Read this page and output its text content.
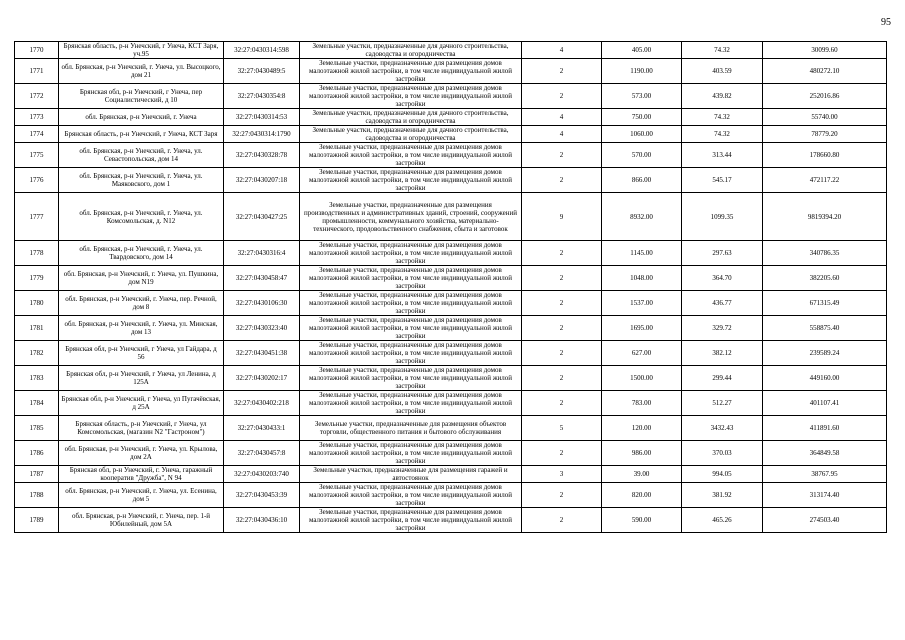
95
1770	Брянская область, р-н Унечский, г Унеча, КСТ Заря, уч.95	32:27:0430314:598	Земельные участки, предназначенные для дачного строительства, садоводства и огородничества	4	405.00	74.32	30099.60
1771	обл. Брянская, р-н Унечский, г. Унеча, ул. Высоцкого, дом 21	32:27:0430489:5	Земельные участки, предназначенные для размещения домов малоэтажной жилой застройки, в том числе индивидуальной жилой застройки	2	1190.00	403.59	480272.10
1772	Брянская обл, р-н Унечский, г Унеча, пер Социалистический, д 10	32:27:0430354:8	Земельные участки, предназначенные для размещения домов малоэтажной жилой застройки, в том числе индивидуальной жилой застройки	2	573.00	439.82	252016.86
1773	обл. Брянская, р-н Унечский, г. Унеча	32:27:0430314:53	Земельные участки, предназначенные для дачного строительства, садоводства и огородничества	4	750.00	74.32	55740.00
1774	Брянская область, р-н Унечский, г Унеча, КСТ Заря	32:27:0430314:1790	Земельные участки, предназначенные для дачного строительства, садоводства и огородничества	4	1060.00	74.32	78779.20
1775	обл. Брянская, р-н Унечский, г. Унеча, ул. Севастопольская, дом 14	32:27:0430328:78	Земельные участки, предназначенные для размещения домов малоэтажной жилой застройки, в том числе индивидуальной жилой застройки	2	570.00	313.44	178660.80
1776	обл. Брянская, р-н Унечский, г. Унеча, ул. Маяковского, дом 1	32:27:0430207:18	Земельные участки, предназначенные для размещения домов малоэтажной жилой застройки, в том числе индивидуальной жилой застройки	2	866.00	545.17	472117.22
1777	обл. Брянская, р-н Унечский, г. Унеча, ул. Комсомольская, д. N12	32:27:0430427:25	Земельные участки, предназначенные для размещения производственных и административных зданий, строений, сооружений промышленности, коммунального хозяйства, материально-технического, продовольственного снабжения, сбыта и заготовок	9	8932.00	1099.35	9819394.20
1778	обл. Брянская, р-н Унечский, г. Унеча, ул. Твардовского, дом 14	32:27:0430316:4	Земельные участки, предназначенные для размещения домов малоэтажной жилой застройки, в том числе индивидуальной жилой застройки	2	1145.00	297.63	340786.35
1779	обл. Брянская, р-н Унечский, г. Унеча, ул. Пушкина, дом N19	32:27:0430458:47	Земельные участки, предназначенные для размещения домов малоэтажной жилой застройки, в том числе индивидуальной жилой застройки	2	1048.00	364.70	382205.60
1780	обл. Брянская, р-н Унечский, г. Унеча, пер. Речной, дом 8	32:27:0430106:30	Земельные участки, предназначенные для размещения домов малоэтажной жилой застройки, в том числе индивидуальной жилой застройки	2	1537.00	436.77	671315.49
1781	обл. Брянская, р-н Унечский, г. Унеча, ул. Минская, дом 13	32:27:0430323:40	Земельные участки, предназначенные для размещения домов малоэтажной жилой застройки, в том числе индивидуальной жилой застройки	2	1695.00	329.72	558875.40
1782	Брянская обл, р-н Унечский, г Унеча, ул Гайдара, д 56	32:27:0430451:38	Земельные участки, предназначенные для размещения домов малоэтажной жилой застройки, в том числе индивидуальной жилой застройки	2	627.00	382.12	239589.24
1783	Брянская обл, р-н Унечский, г Унеча, ул Ленина, д 125А	32:27:0430202:17	Земельные участки, предназначенные для размещения домов малоэтажной жилой застройки, в том числе индивидуальной жилой застройки	2	1500.00	299.44	449160.00
1784	Брянская обл, р-н Унечский, г Унеча, ул Пугачёвская, д 25А	32:27:0430402:218	Земельные участки, предназначенные для размещения домов малоэтажной жилой застройки, в том числе индивидуальной жилой застройки	2	783.00	512.27	401107.41
1785	Брянская область, р-н Унечский, г Унеча, ул Комсомольская, (магазин N2 "Гастроном")	32:27:0430433:1	Земельные участки, предназначенные для размещения объектов торговли, общественного питания и бытового обслуживания	5	120.00	3432.43	411891.60
1786	обл. Брянская, р-н Унечский, г. Унеча, ул. Крылова, дом 2А	32:27:0430457:8	Земельные участки, предназначенные для размещения домов малоэтажной жилой застройки, в том числе индивидуальной жилой застройки	2	986.00	370.03	364849.58
1787	Брянская обл, р-н Унечский, г. Унеча, гаражный кооператив "Дружба", N 94	32:27:0430203:740	Земельные участки, предназначенные для размещения гаражей и автостоянок	3	39.00	994.05	38767.95
1788	обл. Брянская, р-н Унечский, г. Унеча, ул. Есенина, дом 5	32:27:0430453:39	Земельные участки, предназначенные для размещения домов малоэтажной жилой застройки, в том числе индивидуальной жилой застройки	2	820.00	381.92	313174.40
1789	обл. Брянская, р-н Унечский, г. Унеча, пер. 1-й Юбилейный, дом 5А	32:27:0430436:10	Земельные участки, предназначенные для размещения домов малоэтажной жилой застройки, в том числе индивидуальной жилой застройки	2	590.00	465.26	274503.40
